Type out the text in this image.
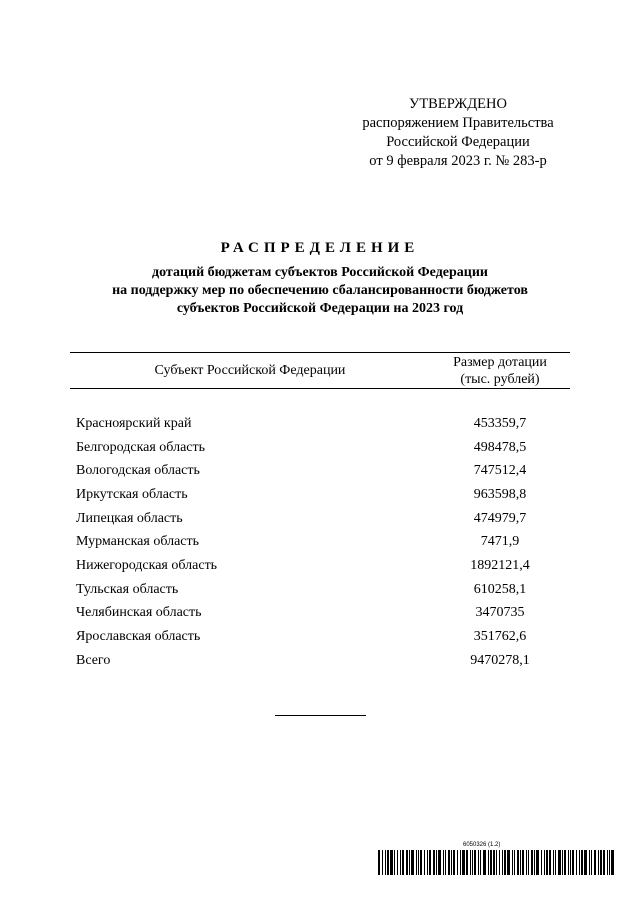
УТВЕРЖДЕНО
распоряжением Правительства
Российской Федерации
от 9 февраля 2023 г. № 283-р
РАСПРЕДЕЛЕНИЕ
дотаций бюджетам субъектов Российской Федерации
на поддержку мер по обеспечению сбалансированности бюджетов
субъектов Российской Федерации на 2023 год
Субъект Российской Федерации
Размер дотации
(тыс. рублей)
Красноярский край	453359,7
Белгородская область	498478,5
Вологодская область	747512,4
Иркутская область	963598,8
Липецкая область	474979,7
Мурманская область	7471,9
Нижегородская область	1892121,4
Тульская область	610258,1
Челябинская область	3470735
Ярославская область	351762,6
Всего	9470278,1
6050326 (1.2)
